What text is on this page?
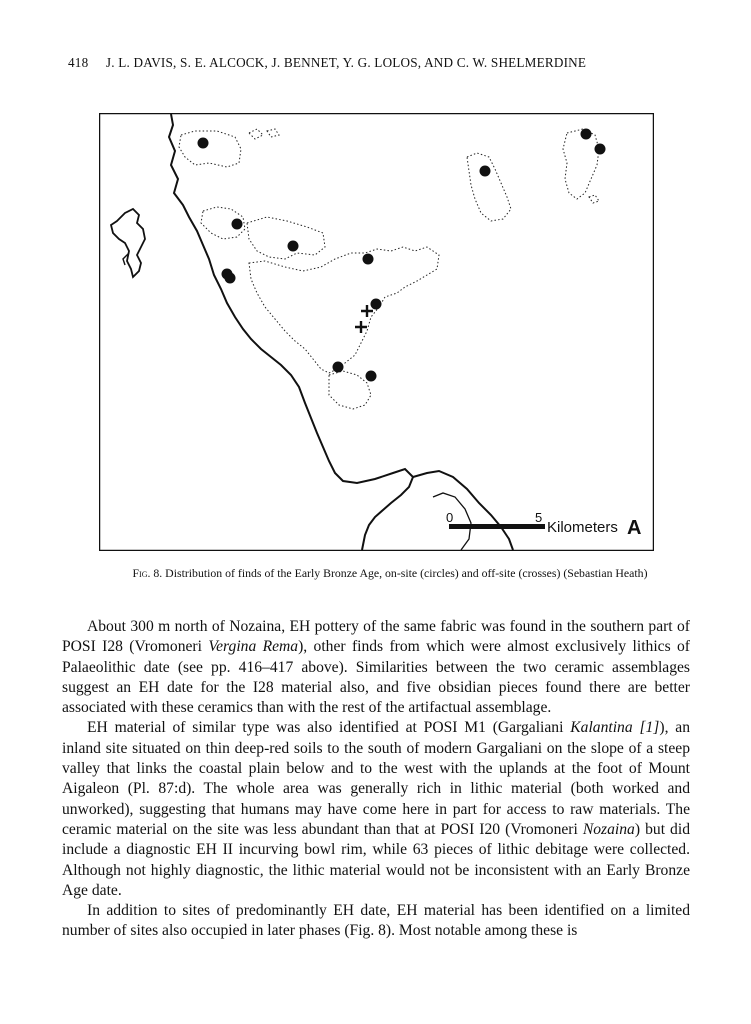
418 J. L. DAVIS, S. E. ALCOCK, J. BENNET, Y. G. LOLOS, AND C. W. SHELMERDINE
0	5
Kilometers A
Fig. 8. Distribution of finds of the Early Bronze Age, on-site (circles) and off-site (crosses) (Sebastian Heath)

About 300 m north of Nozaina, EH pottery of the same fabric was found in the southern part of POSI I28 (Vromoneri Vergina Rema), other finds from which were almost exclusively lithics of Palaeolithic date (see pp. 416–417 above). Similarities between the two ceramic assemblages suggest an EH date for the I28 material also, and five obsidian pieces found there are better associated with these ceramics than with the rest of the artifactual assemblage.

EH material of similar type was also identified at POSI M1 (Gargaliani Kalantina [1]), an inland site situated on thin deep-red soils to the south of modern Gargaliani on the slope of a steep valley that links the coastal plain below and to the west with the uplands at the foot of Mount Aigaleon (Pl. 87:d). The whole area was generally rich in lithic material (both worked and unworked), suggesting that humans may have come here in part for access to raw materials. The ceramic material on the site was less abundant than that at POSI I20 (Vromoneri Nozaina) but did include a diagnostic EH II incurving bowl rim, while 63 pieces of lithic debitage were collected. Although not highly diagnostic, the lithic material would not be inconsistent with an Early Bronze Age date.

In addition to sites of predominantly EH date, EH material has been identified on a limited number of sites also occupied in later phases (Fig. 8). Most notable among these is
